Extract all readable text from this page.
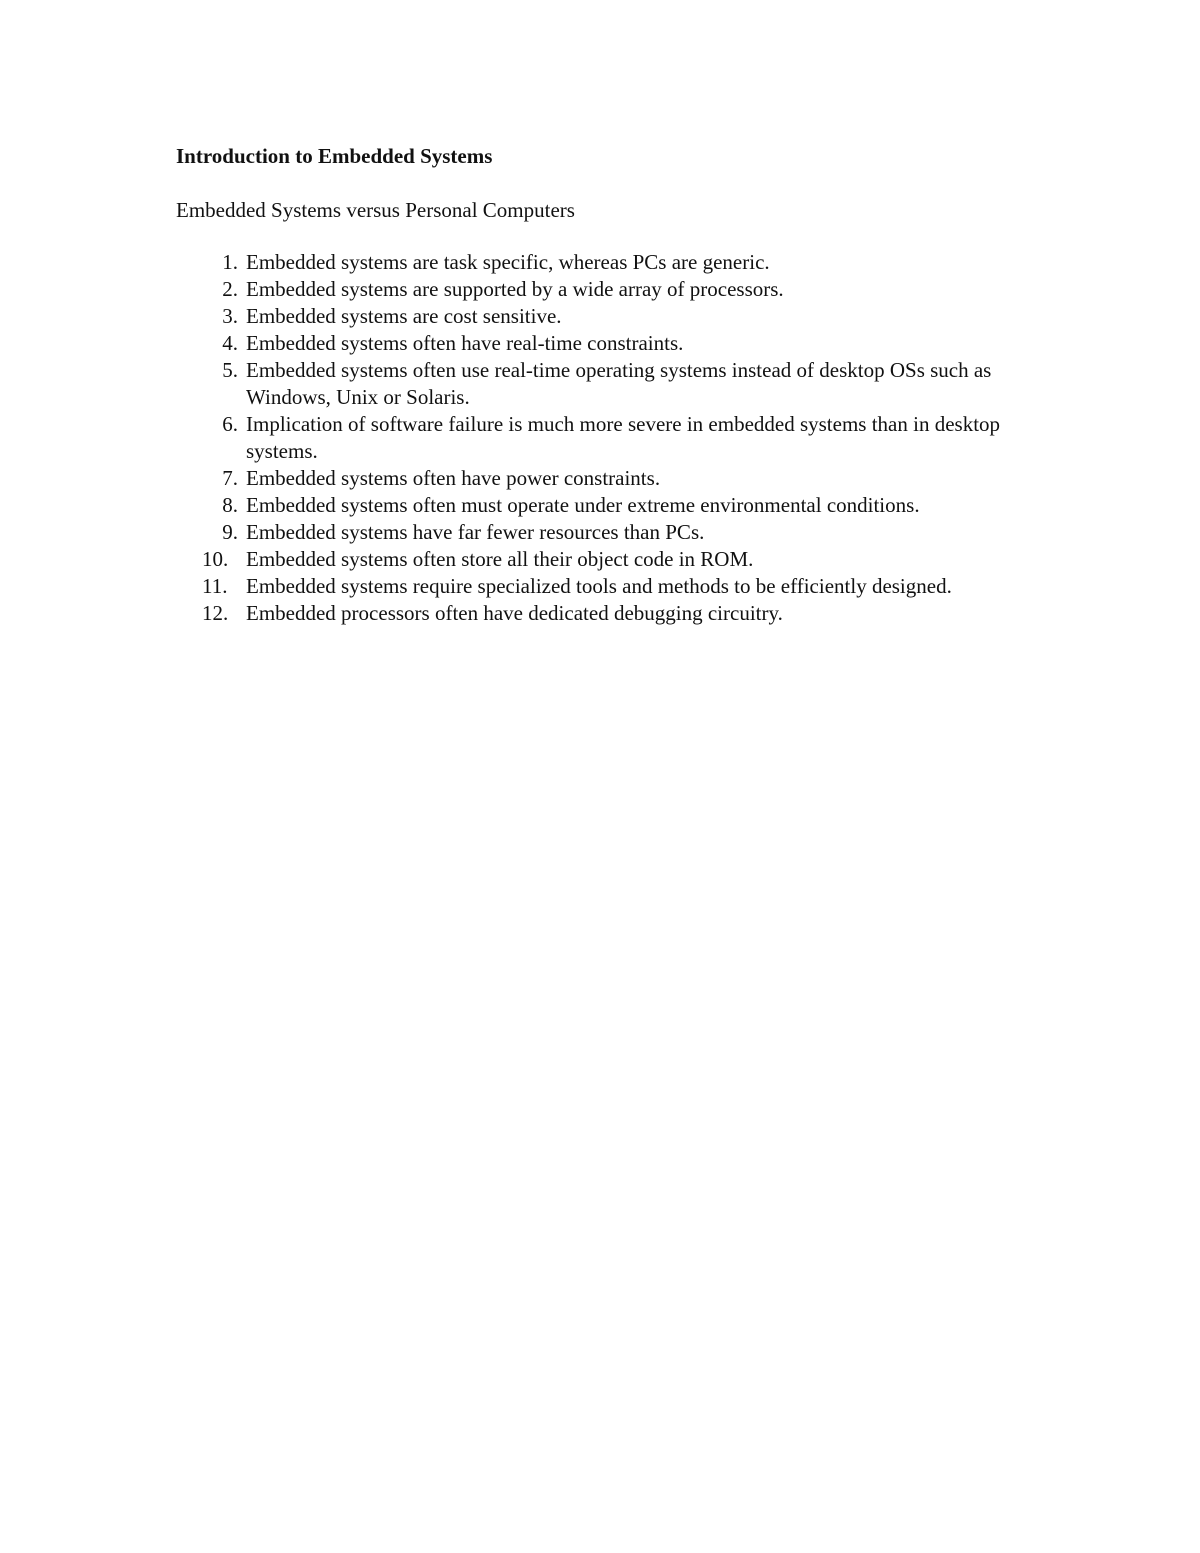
Introduction to Embedded Systems

Embedded Systems versus Personal Computers

1. Embedded systems are task specific, whereas PCs are generic.
2. Embedded systems are supported by a wide array of processors.
3. Embedded systems are cost sensitive.
4. Embedded systems often have real-time constraints.
5. Embedded systems often use real-time operating systems instead of desktop OSs such as Windows, Unix or Solaris.
6. Implication of software failure is much more severe in embedded systems than in desktop systems.
7. Embedded systems often have power constraints.
8. Embedded systems often must operate under extreme environmental conditions.
9. Embedded systems have far fewer resources than PCs.
10. Embedded systems often store all their object code in ROM.
11. Embedded systems require specialized tools and methods to be efficiently designed.
12. Embedded processors often have dedicated debugging circuitry.
